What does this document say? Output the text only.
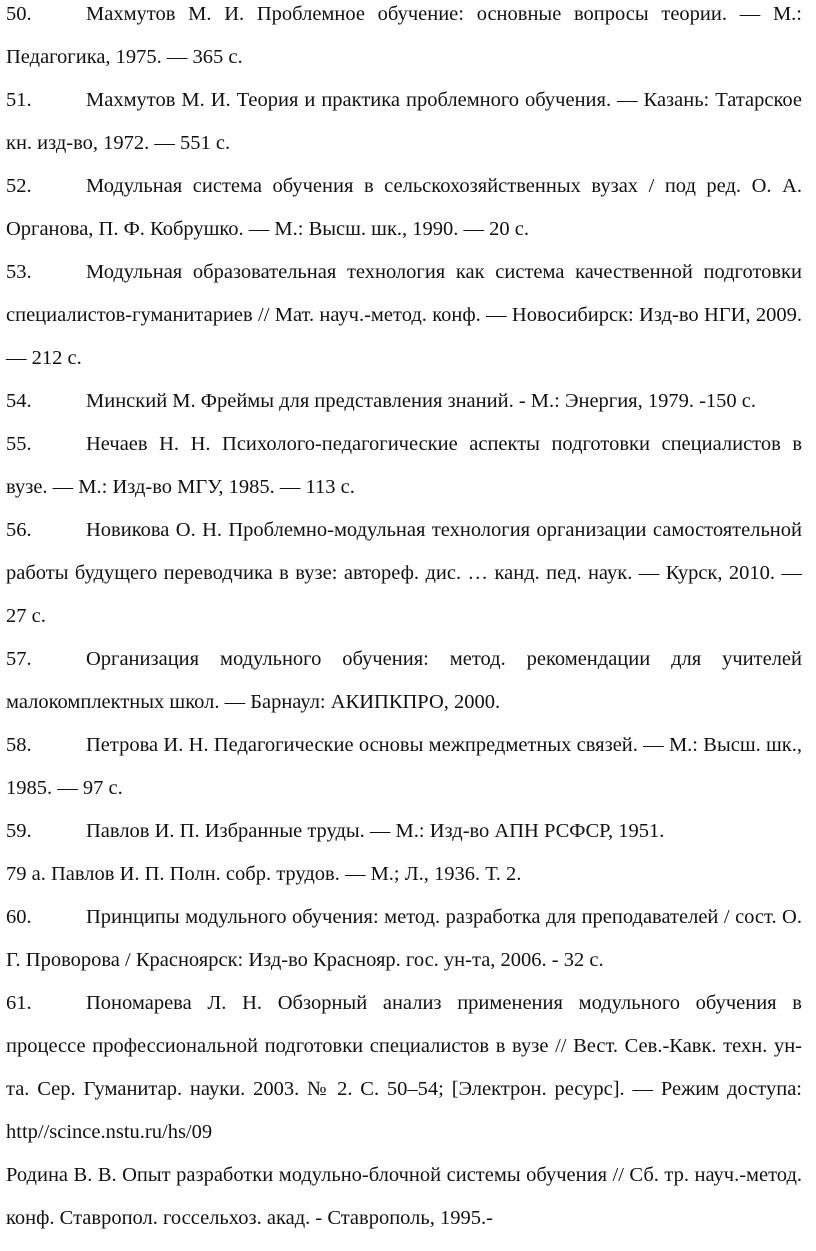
50.	Махмутов М. И. Проблемное обучение: основные вопросы теории. — М.: Педагогика, 1975. — 365 с.

51.	Махмутов М. И. Теория и практика проблемного обучения. — Казань: Татарское кн. изд-во, 1972. — 551 с.

52.	Модульная система обучения в сельскохозяйственных вузах / под ред. О. А. Органова, П. Ф. Кобрушко. — М.: Высш. шк., 1990. — 20 с.

53.	Модульная образовательная технология как система качественной подготовки специалистов-гуманитариев // Мат. науч.-метод. конф. — Новосибирск: Изд-во НГИ, 2009. — 212 с.

54.	Минский М. Фреймы для представления знаний. - М.: Энергия, 1979. -150 с.

55.	Нечаев Н. Н. Психолого-педагогические аспекты подготовки специалистов в вузе. — М.: Изд-во МГУ, 1985. — 113 с.

56.	Новикова О. Н. Проблемно-модульная технология организации самостоятельной работы будущего переводчика в вузе: автореф. дис. … канд. пед. наук. — Курск, 2010. — 27 с.

57.	Организация модульного обучения: метод. рекомендации для учителей малокомплектных школ. — Барнаул: АКИПКПРО, 2000.

58.	Петрова И. Н. Педагогические основы межпредметных связей. — М.: Высш. шк., 1985. — 97 с.

59.	Павлов И. П. Избранные труды. — М.: Изд-во АПН РСФСР, 1951.

79 а. Павлов И. П. Полн. собр. трудов. — М.; Л., 1936. Т. 2.

60.	Принципы модульного обучения: метод. разработка для преподавателей / сост. О. Г. Проворова / Красноярск: Изд-во Краснояр. гос. ун-та, 2006. - 32 с.

61.	Пономарева Л. Н. Обзорный анализ применения модульного обучения в процессе профессиональной подготовки специалистов в вузе // Вест. Сев.-Кавк. техн. ун-та. Сер. Гуманитар. науки. 2003. № 2. С. 50–54; [Электрон. ресурс]. — Режим доступа: http//scince.nstu.ru/hs/09

Родина В. В. Опыт разработки модульно-блочной системы обучения // Сб. тр. науч.-метод. конф. Ставропол. госсельхоз. акад. - Ставрополь, 1995.-
